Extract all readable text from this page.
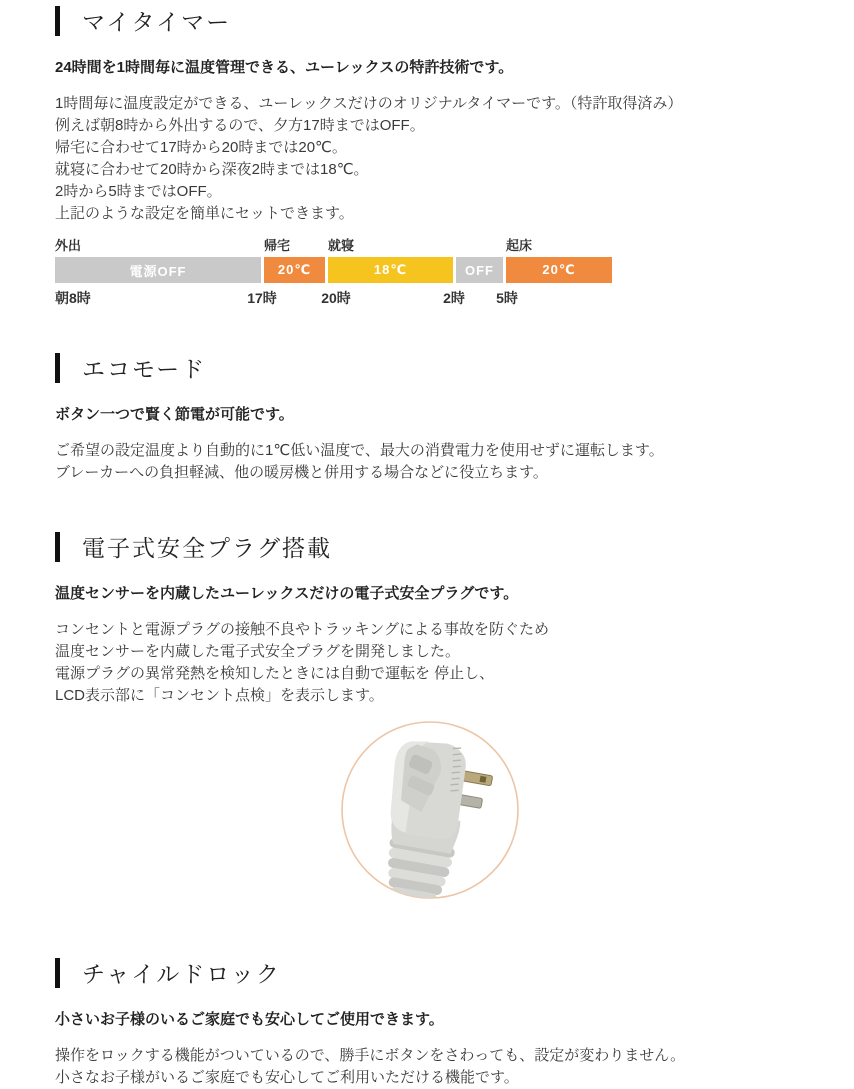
マイタイマー

24時間を1時間毎に温度管理できる、ユーレックスの特許技術です。

1時間毎に温度設定ができる、ユーレックスだけのオリジナルタイマーです。（特許取得済み）
例えば朝8時から外出するので、夕方17時まではOFF。
帰宅に合わせて17時から20時までは20℃。
就寝に合わせて20時から深夜2時までは18℃。
2時から5時まではOFF。
上記のような設定を簡単にセットできます。
外出
電源OFF
帰宅
20℃
就寝
18℃	OFF
起床
20℃
朝8時	17時	20時	2時 5時
エコモード

ボタン一つで賢く節電が可能です。

ご希望の設定温度より自動的に1℃低い温度で、最大の消費電力を使用せずに運転します。
ブレーカーへの負担軽減、他の暖房機と併用する場合などに役立ちます。
電子式安全プラグ搭載

温度センサーを内蔵したユーレックスだけの電子式安全プラグです。

コンセントと電源プラグの接触不良やトラッキングによる事故を防ぐため
温度センサーを内蔵した電子式安全プラグを開発しました。
電源プラグの異常発熱を検知したときには自動で運転を 停止し、
LCD表示部に「コンセント点検」を表示します。
チャイルドロック

小さいお子様のいるご家庭でも安心してご使用できます。

操作をロックする機能がついているので、勝手にボタンをさわっても、設定が変わりません。
小さなお子様がいるご家庭でも安心してご利用いただける機能です。
